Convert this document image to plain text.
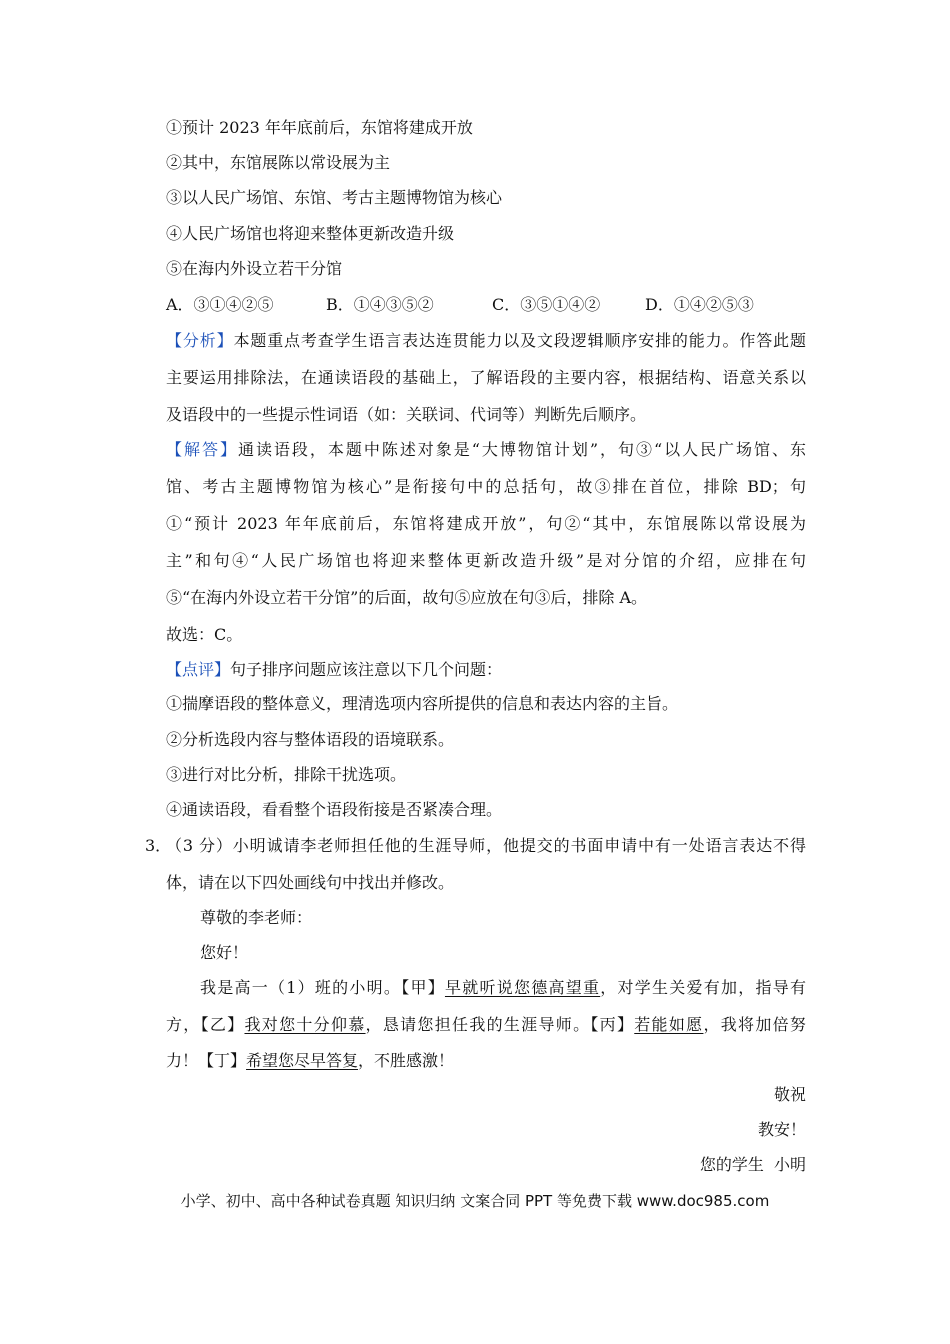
①预计 2023 年年底前后，东馆将建成开放
②其中，东馆展陈以常设展为主
③以人民广场馆、东馆、考古主题博物馆为核心
④人民广场馆也将迎来整体更新改造升级
⑤在海内外设立若干分馆
A．③①④②⑤	B．①④③⑤②	C．③⑤①④②	D．①④②⑤③
【分析】本题重点考查学生语言表达连贯能力以及文段逻辑顺序安排的能力。作答此题
主要运用排除法，在通读语段的基础上，了解语段的主要内容，根据结构、语意关系以
及语段中的一些提示性词语（如：关联词、代词等）判断先后顺序。
【解答】通读语段，本题中陈述对象是“大博物馆计划”，句③“以人民广场馆、东
馆、考古主题博物馆为核心”是衔接句中的总括句，故③排在首位，排除 BD；句
①“预计 2023 年年底前后，东馆将建成开放”，句②“其中，东馆展陈以常设展为
主”和句④“人民广场馆也将迎来整体更新改造升级”是对分馆的介绍，应排在句
⑤“在海内外设立若干分馆”的后面，故句⑤应放在句③后，排除 A。
故选：C。
【点评】句子排序问题应该注意以下几个问题：
①揣摩语段的整体意义，理清选项内容所提供的信息和表达内容的主旨。
②分析选段内容与整体语段的语境联系。
③进行对比分析，排除干扰选项。
④通读语段，看看整个语段衔接是否紧凑合理。
3．
（3 分）小明诚请李老师担任他的生涯导师，他提交的书面申请中有一处语言表达不得
体，请在以下四处画线句中找出并修改。
尊敬的李老师：
您好！
我是高一（1）班的小明。【甲】早就听说您德高望重，对学生关爱有加，指导有
方，【乙】我对您十分仰慕，恳请您担任我的生涯导师。【丙】若能如愿，我将加倍努
力！【丁】希望您尽早答复，不胜感激！
敬祝
教安！
您的学生  小明
小学、初中、高中各种试卷真题 知识归纳 文案合同 PPT 等免费下载 www.doc985.com
